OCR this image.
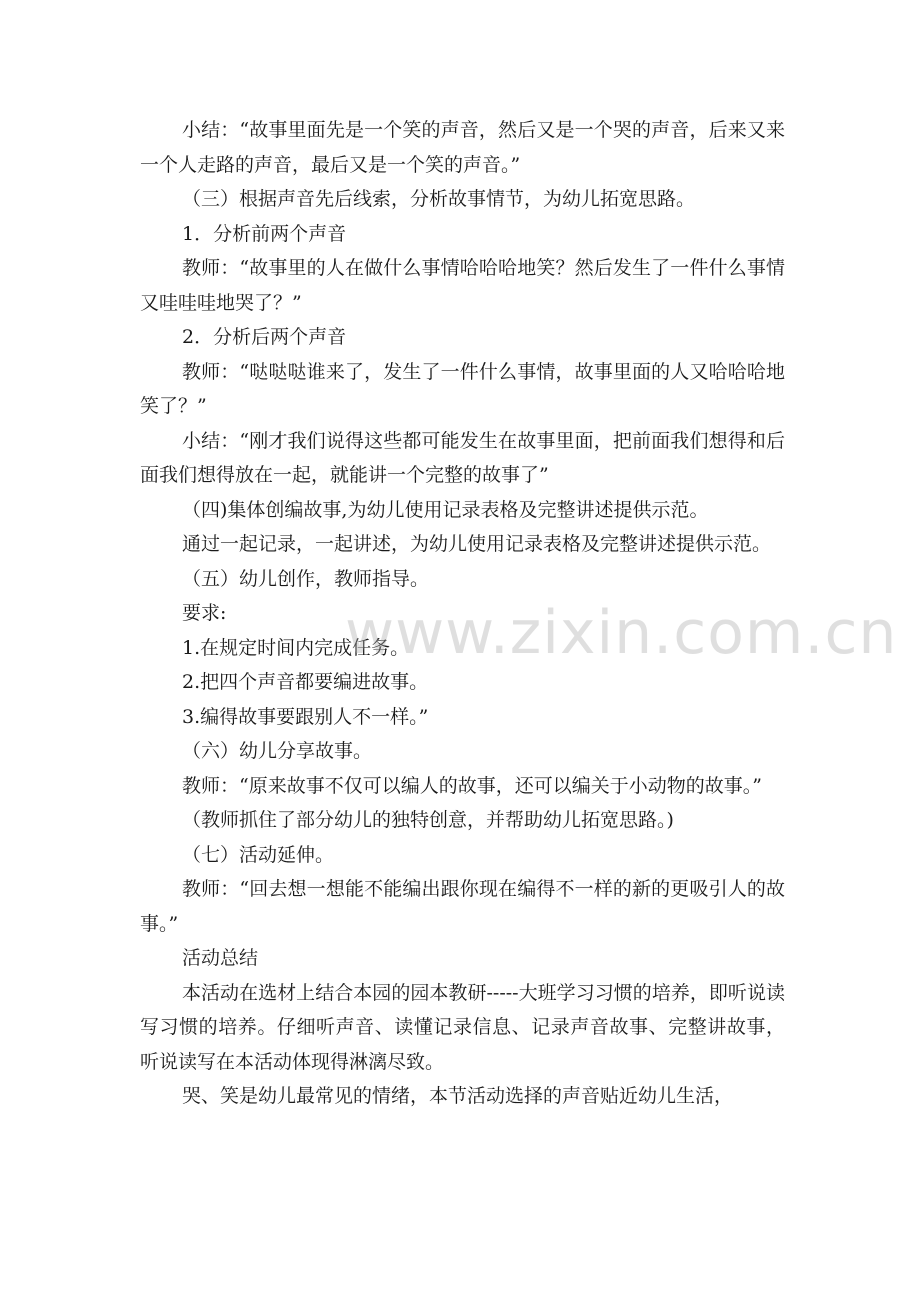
小结：“故事里面先是一个笑的声音，然后又是一个哭的声音，后来又来一个人走路的声音，最后又是一个笑的声音。”

（三）根据声音先后线索，分析故事情节，为幼儿拓宽思路。

1．分析前两个声音

教师：“故事里的人在做什么事情哈哈哈地笑？然后发生了一件什么事情又哇哇哇地哭了？”

2．分析后两个声音

教师：“哒哒哒谁来了，发生了一件什么事情，故事里面的人又哈哈哈地笑了？”

小结：“刚才我们说得这些都可能发生在故事里面，把前面我们想得和后面我们想得放在一起，就能讲一个完整的故事了”

（四)集体创编故事,为幼儿使用记录表格及完整讲述提供示范。

通过一起记录，一起讲述，为幼儿使用记录表格及完整讲述提供示范。

（五）幼儿创作，教师指导。

要求:

1.在规定时间内完成任务。

2.把四个声音都要编进故事。

3.编得故事要跟别人不一样。”

（六）幼儿分享故事。

教师：“原来故事不仅可以编人的故事，还可以编关于小动物的故事。”

（教师抓住了部分幼儿的独特创意，并帮助幼儿拓宽思路。)

（七）活动延伸。

教师：“回去想一想能不能编出跟你现在编得不一样的新的更吸引人的故事。”

活动总结

本活动在选材上结合本园的园本教研-----大班学习习惯的培养，即听说读写习惯的培养。仔细听声音、读懂记录信息、记录声音故事、完整讲故事，听说读写在本活动体现得淋漓尽致。

哭、笑是幼儿最常见的情绪，本节活动选择的声音贴近幼儿生活，

www.zixin.com.cn
